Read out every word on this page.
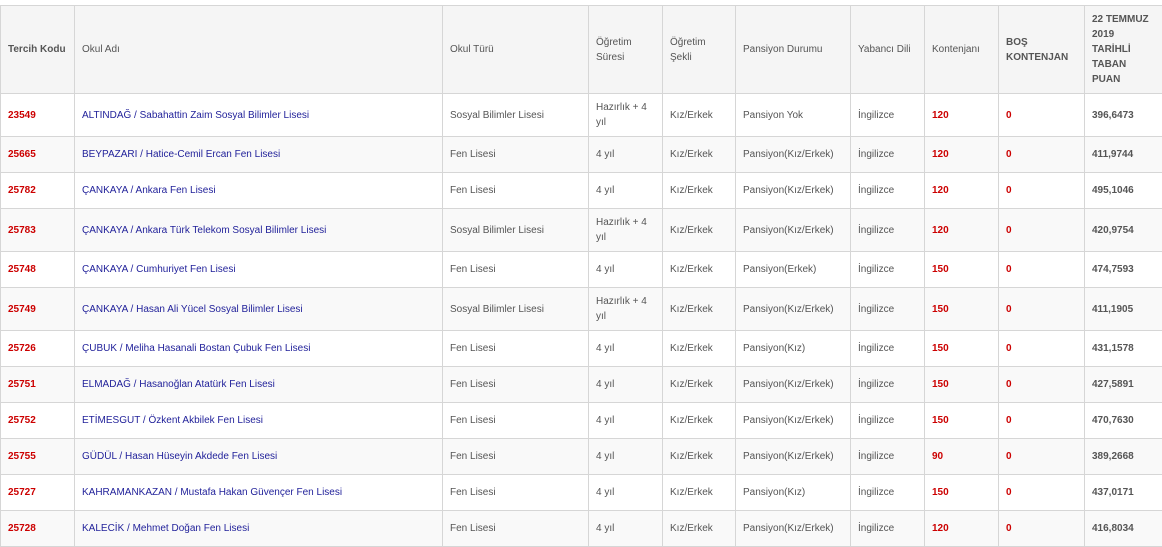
Tercih Kodu	Okul Adı	Okul Türü	Öğretim Süresi	Öğretim Şekli	Pansiyon Durumu	Yabancı Dili	Kontenjanı	BOŞ KONTENJAN	22 TEMMUZ 2019 TARİHLİ TABAN PUAN
23549	ALTINDAĞ / Sabahattin Zaim Sosyal Bilimler Lisesi	Sosyal Bilimler Lisesi	Hazırlık + 4 yıl	Kız/Erkek	Pansiyon Yok	İngilizce	120	0	396,6473
25665	BEYPAZARI / Hatice-Cemil Ercan Fen Lisesi	Fen Lisesi	4 yıl	Kız/Erkek	Pansiyon(Kız/Erkek)	İngilizce	120	0	411,9744
25782	ÇANKAYA / Ankara Fen Lisesi	Fen Lisesi	4 yıl	Kız/Erkek	Pansiyon(Kız/Erkek)	İngilizce	120	0	495,1046
25783	ÇANKAYA / Ankara Türk Telekom Sosyal Bilimler Lisesi	Sosyal Bilimler Lisesi	Hazırlık + 4 yıl	Kız/Erkek	Pansiyon(Kız/Erkek)	İngilizce	120	0	420,9754
25748	ÇANKAYA / Cumhuriyet Fen Lisesi	Fen Lisesi	4 yıl	Kız/Erkek	Pansiyon(Erkek)	İngilizce	150	0	474,7593
25749	ÇANKAYA / Hasan Ali Yücel Sosyal Bilimler Lisesi	Sosyal Bilimler Lisesi	Hazırlık + 4 yıl	Kız/Erkek	Pansiyon(Kız/Erkek)	İngilizce	150	0	411,1905
25726	ÇUBUK / Meliha Hasanali Bostan Çubuk Fen Lisesi	Fen Lisesi	4 yıl	Kız/Erkek	Pansiyon(Kız)	İngilizce	150	0	431,1578
25751	ELMADAĞ / Hasanoğlan Atatürk Fen Lisesi	Fen Lisesi	4 yıl	Kız/Erkek	Pansiyon(Kız/Erkek)	İngilizce	150	0	427,5891
25752	ETİMESGUT / Özkent Akbilek Fen Lisesi	Fen Lisesi	4 yıl	Kız/Erkek	Pansiyon(Kız/Erkek)	İngilizce	150	0	470,7630
25755	GÜDÜL / Hasan Hüseyin Akdede Fen Lisesi	Fen Lisesi	4 yıl	Kız/Erkek	Pansiyon(Kız/Erkek)	İngilizce	90	0	389,2668
25727	KAHRAMANKAZAN / Mustafa Hakan Güvençer Fen Lisesi	Fen Lisesi	4 yıl	Kız/Erkek	Pansiyon(Kız)	İngilizce	150	0	437,0171
25728	KALECİK / Mehmet Doğan Fen Lisesi	Fen Lisesi	4 yıl	Kız/Erkek	Pansiyon(Kız/Erkek)	İngilizce	120	0	416,8034
